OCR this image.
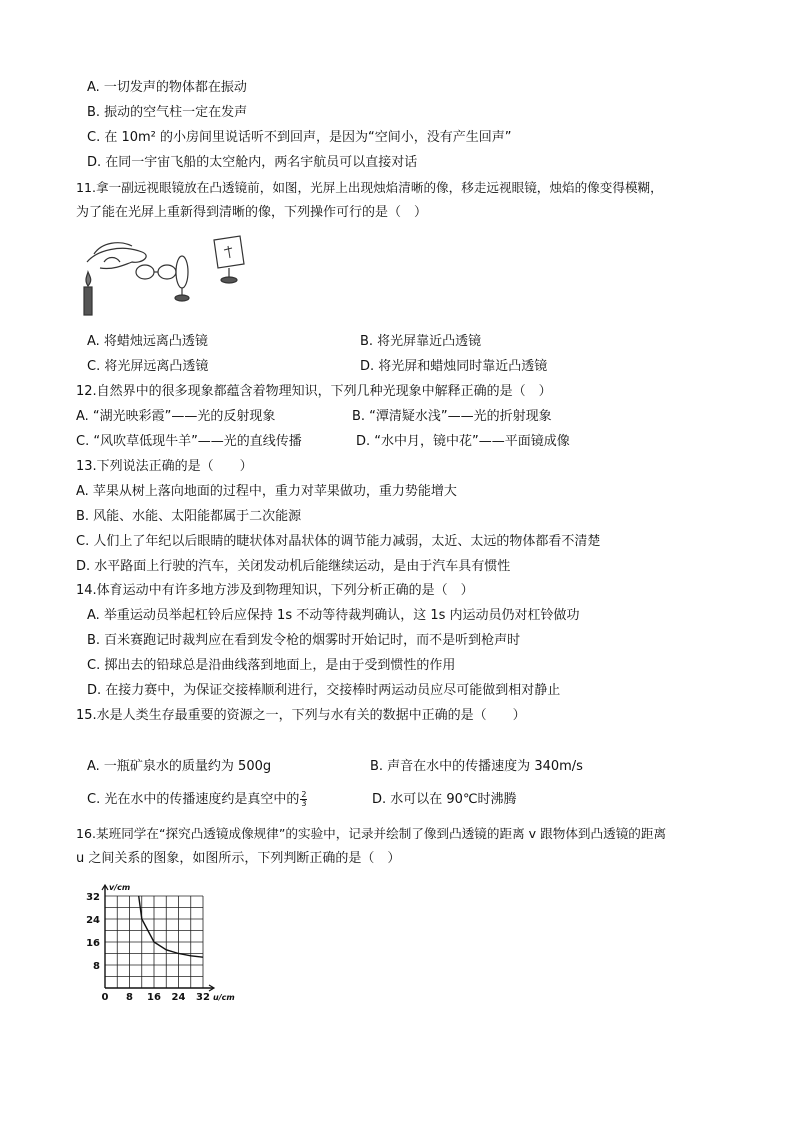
A. 一切发声的物体都在振动
B. 振动的空气柱一定在发声
C. 在 10m² 的小房间里说话听不到回声，是因为“空间小，没有产生回声”
D. 在同一宇宙飞船的太空舱内，两名宇航员可以直接对话
11.拿一副远视眼镜放在凸透镜前，如图，光屏上出现烛焰清晰的像，移走远视眼镜，烛焰的像变得模糊，
为了能在光屏上重新得到清晰的像，下列操作可行的是（　）
A. 将蜡烛远离凸透镜	B. 将光屏靠近凸透镜
C. 将光屏远离凸透镜	D. 将光屏和蜡烛同时靠近凸透镜
12.自然界中的很多现象都蕴含着物理知识，下列几种光现象中解释正确的是（　）
A. “湖光映彩霞”——光的反射现象	B. “潭清疑水浅”——光的折射现象
C. “风吹草低现牛羊”——光的直线传播	D. “水中月，镜中花”——平面镜成像
13.下列说法正确的是（　　）
A. 苹果从树上落向地面的过程中，重力对苹果做功，重力势能增大
B. 风能、水能、太阳能都属于二次能源
C. 人们上了年纪以后眼睛的睫状体对晶状体的调节能力减弱，太近、太远的物体都看不清楚
D. 水平路面上行驶的汽车，关闭发动机后能继续运动，是由于汽车具有惯性
14.体育运动中有许多地方涉及到物理知识，下列分析正确的是（　）
A. 举重运动员举起杠铃后应保持 1s 不动等待裁判确认，这 1s 内运动员仍对杠铃做功
B. 百米赛跑记时裁判应在看到发令枪的烟雾时开始记时，而不是听到枪声时
C. 掷出去的铅球总是沿曲线落到地面上，是由于受到惯性的作用
D. 在接力赛中，为保证交接棒顺利进行，交接棒时两运动员应尽可能做到相对静止
15.水是人类生存最重要的资源之一，下列与水有关的数据中正确的是（　　）
A. 一瓶矿泉水的质量约为 500g	B. 声音在水中的传播速度为 340m/s
C. 光在水中的传播速度约是真空中的 $\frac{2}{3}$	D. 水可以在 90℃时沸腾
16.某班同学在“探究凸透镜成像规律”的实验中，记录并绘制了像到凸透镜的距离 v 跟物体到凸透镜的距离
u 之间关系的图象，如图所示，下列判断正确的是（　）
0 8 16 24 32
32
24
16
8
u/cm
v/cm
